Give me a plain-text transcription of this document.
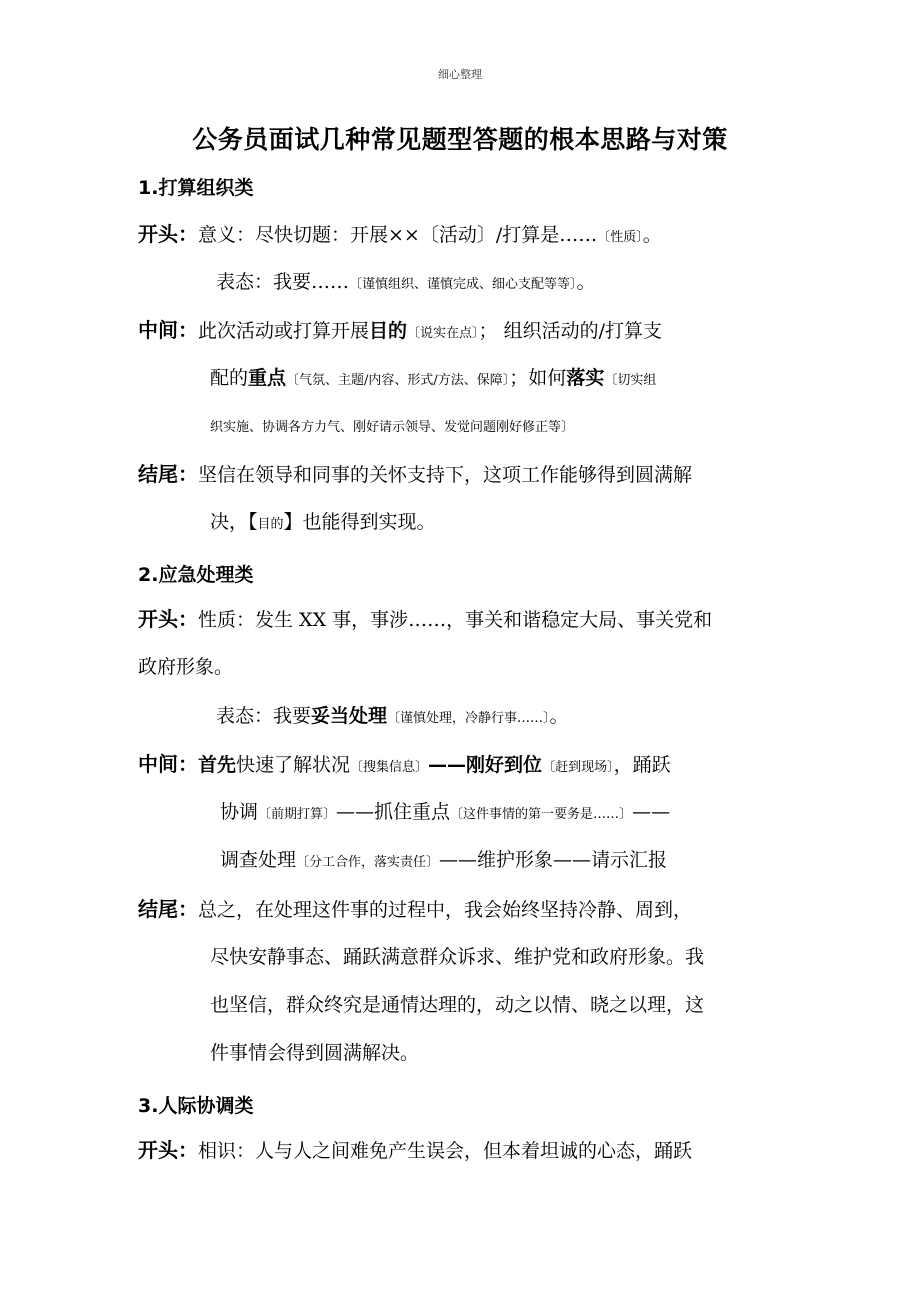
细心整理
公务员面试几种常见题型答题的根本思路与对策
1.打算组织类
开头：意义：尽快切题：开展××〔活动〕/打算是……〔性质〕。
表态：我要……〔谨慎组织、谨慎完成、细心支配等等〕。
中间：此次活动或打算开展目的〔说实在点〕； 组织活动的/打算支
配的重点〔气氛、主题/内容、形式/方法、保障〕；如何落实〔切实组
织实施、协调各方力气、刚好请示领导、发觉问题刚好修正等〕
结尾：坚信在领导和同事的关怀支持下，这项工作能够得到圆满解
决，【目的】也能得到实现。
2.应急处理类
开头：性质：发生 XX 事，事涉……，事关和谐稳定大局、事关党和
政府形象。
表态：我要妥当处理〔谨慎处理，冷静行事……〕。
中间：首先快速了解状况〔搜集信息〕——刚好到位〔赶到现场〕，踊跃
协调〔前期打算〕——抓住重点〔这件事情的第一要务是……〕——
调查处理〔分工合作，落实责任〕——维护形象——请示汇报
结尾：总之，在处理这件事的过程中，我会始终坚持冷静、周到，
尽快安静事态、踊跃满意群众诉求、维护党和政府形象。我
也坚信，群众终究是通情达理的，动之以情、晓之以理，这
件事情会得到圆满解决。
3.人际协调类
开头：相识：人与人之间难免产生误会，但本着坦诚的心态，踊跃
